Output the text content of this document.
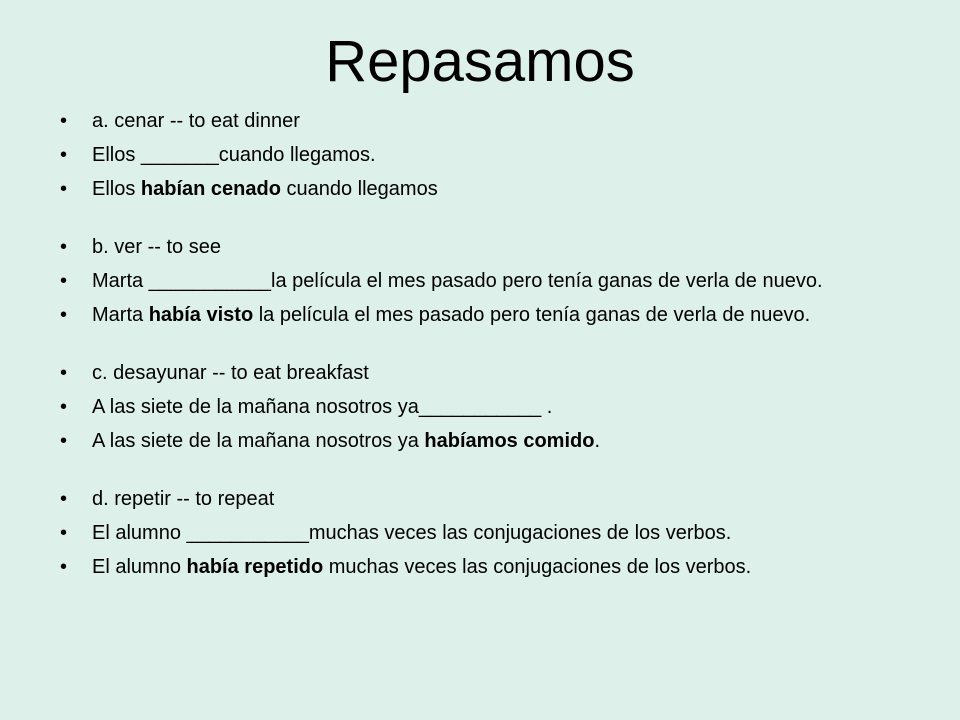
Repasamos
• a. cenar -- to eat dinner
• Ellos _______cuando llegamos.
• Ellos habían cenado cuando llegamos
• b. ver -- to see
• Marta ___________la película el mes pasado pero tenía ganas de verla de nuevo.
• Marta había visto la película el mes pasado pero tenía ganas de verla de nuevo.
• c. desayunar -- to eat breakfast
• A las siete de la mañana nosotros ya___________ .
• A las siete de la mañana nosotros ya habíamos comido.
• d. repetir -- to repeat
• El alumno ___________muchas veces las conjugaciones de los verbos.
• El alumno había repetido muchas veces las conjugaciones de los verbos.
